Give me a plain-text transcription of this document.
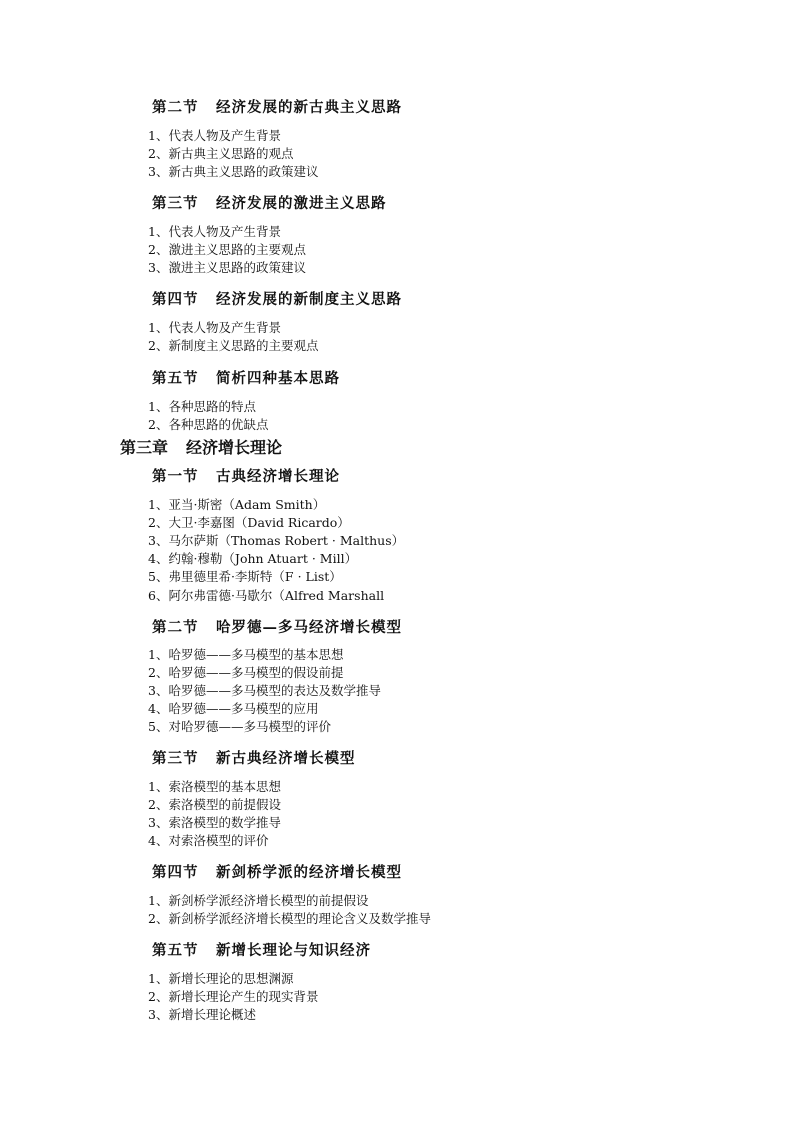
第二节 经济发展的新古典主义思路
1、代表人物及产生背景
2、新古典主义思路的观点
3、新古典主义思路的政策建议
第三节 经济发展的激进主义思路
1、代表人物及产生背景
2、激进主义思路的主要观点
3、激进主义思路的政策建议
第四节 经济发展的新制度主义思路
1、代表人物及产生背景
2、新制度主义思路的主要观点
第五节 简析四种基本思路
1、各种思路的特点
2、各种思路的优缺点
第三章 经济增长理论
第一节 古典经济增长理论
1、亚当·斯密（Adam Smith）
2、大卫·李嘉图（David Ricardo）
3、马尔萨斯（Thomas Robert · Malthus）
4、约翰·穆勒（John Atuart · Mill）
5、弗里德里希·李斯特（F · List）
6、阿尔弗雷德·马歇尔（Alfred Marshall
第二节 哈罗德—多马经济增长模型
1、哈罗德——多马模型的基本思想
2、哈罗德——多马模型的假设前提
3、哈罗德——多马模型的表达及数学推导
4、哈罗德——多马模型的应用
5、对哈罗德——多马模型的评价
第三节 新古典经济增长模型
1、索洛模型的基本思想
2、索洛模型的前提假设
3、索洛模型的数学推导
4、对索洛模型的评价
第四节 新剑桥学派的经济增长模型
1、新剑桥学派经济增长模型的前提假设
2、新剑桥学派经济增长模型的理论含义及数学推导
第五节 新增长理论与知识经济
1、新增长理论的思想渊源
2、新增长理论产生的现实背景
3、新增长理论概述
